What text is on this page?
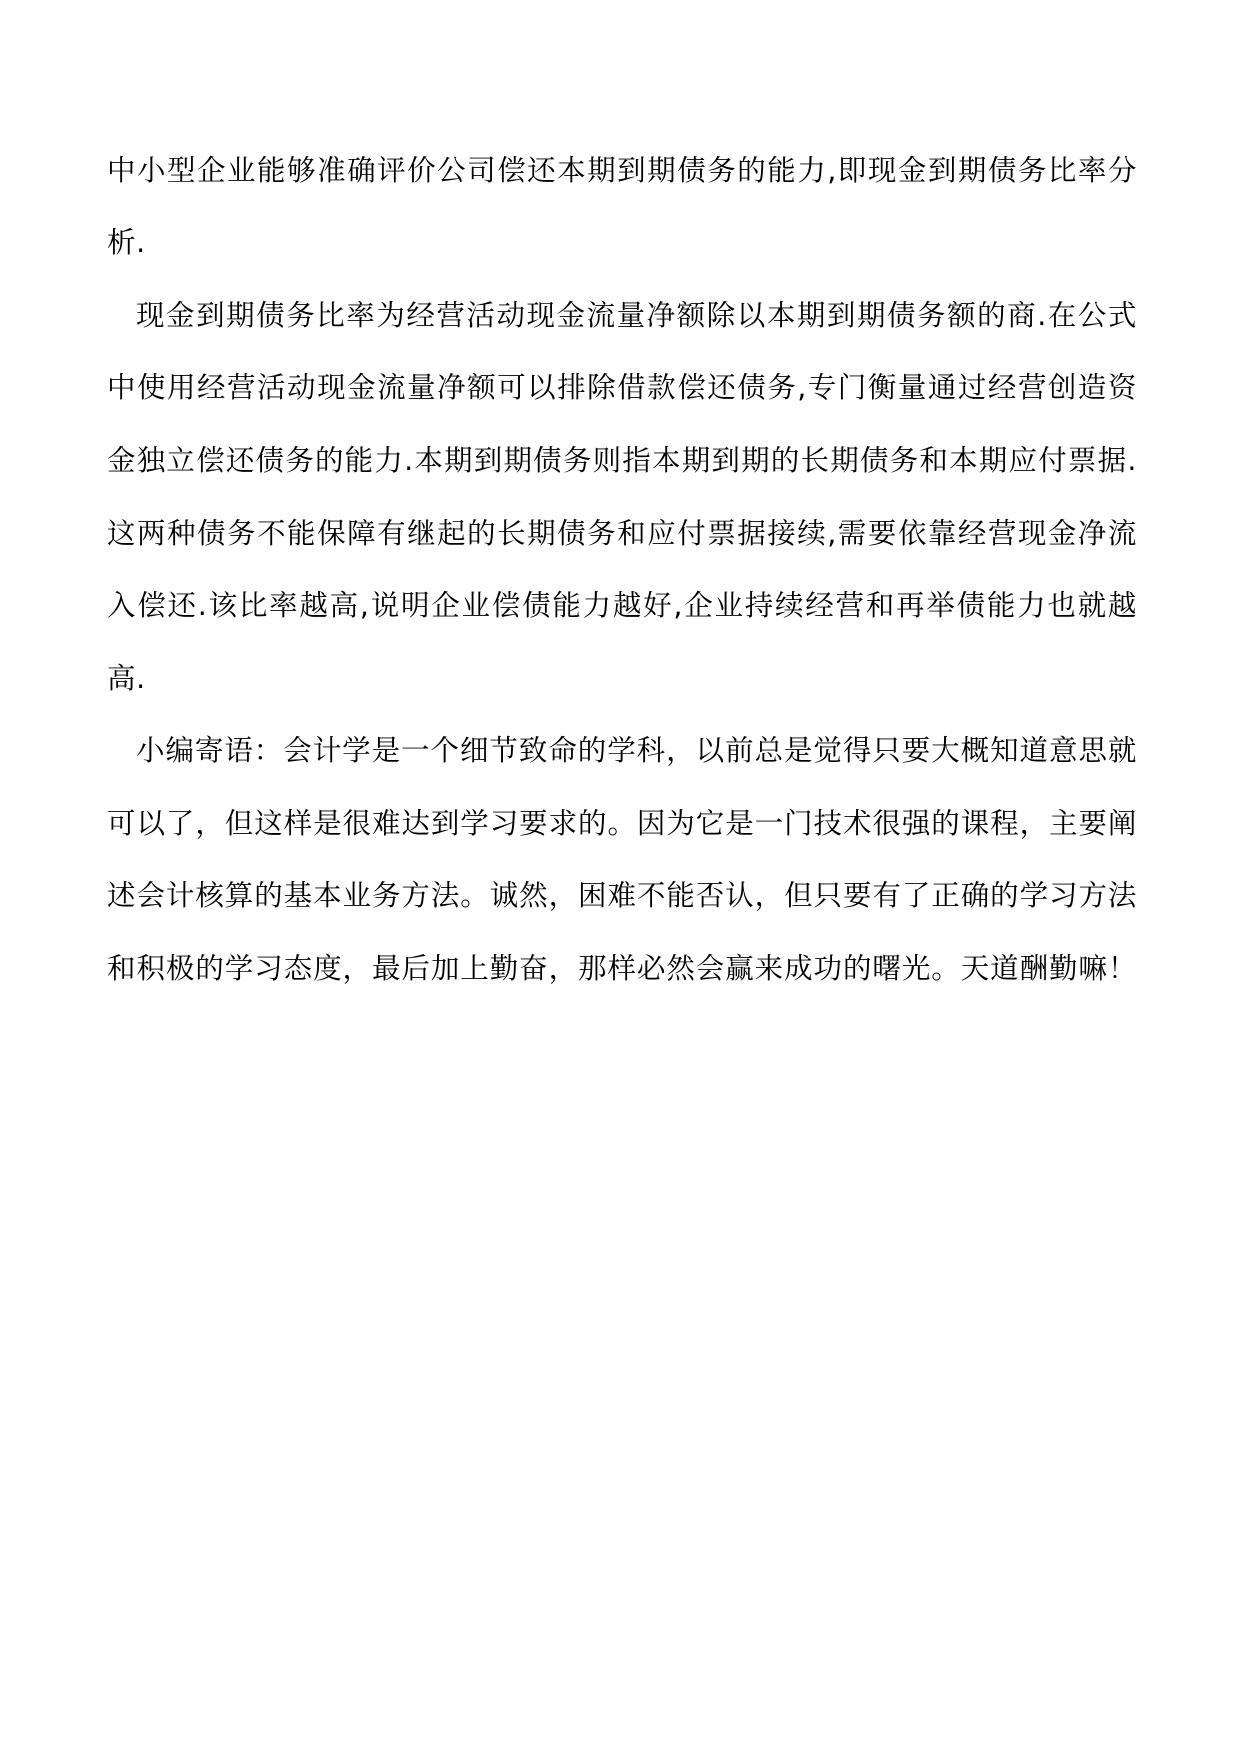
中小型企业能够准确评价公司偿还本期到期债务的能力,即现金到期债务比率分
析.
现金到期债务比率为经营活动现金流量净额除以本期到期债务额的商.在公式
中使用经营活动现金流量净额可以排除借款偿还债务,专门衡量通过经营创造资
金独立偿还债务的能力.本期到期债务则指本期到期的长期债务和本期应付票据.
这两种债务不能保障有继起的长期债务和应付票据接续,需要依靠经营现金净流
入偿还.该比率越高,说明企业偿债能力越好,企业持续经营和再举债能力也就越
高.
小编寄语：会计学是一个细节致命的学科，以前总是觉得只要大概知道意思就
可以了，但这样是很难达到学习要求的。因为它是一门技术很强的课程，主要阐
述会计核算的基本业务方法。诚然，困难不能否认，但只要有了正确的学习方法
和积极的学习态度，最后加上勤奋，那样必然会赢来成功的曙光。天道酬勤嘛！
